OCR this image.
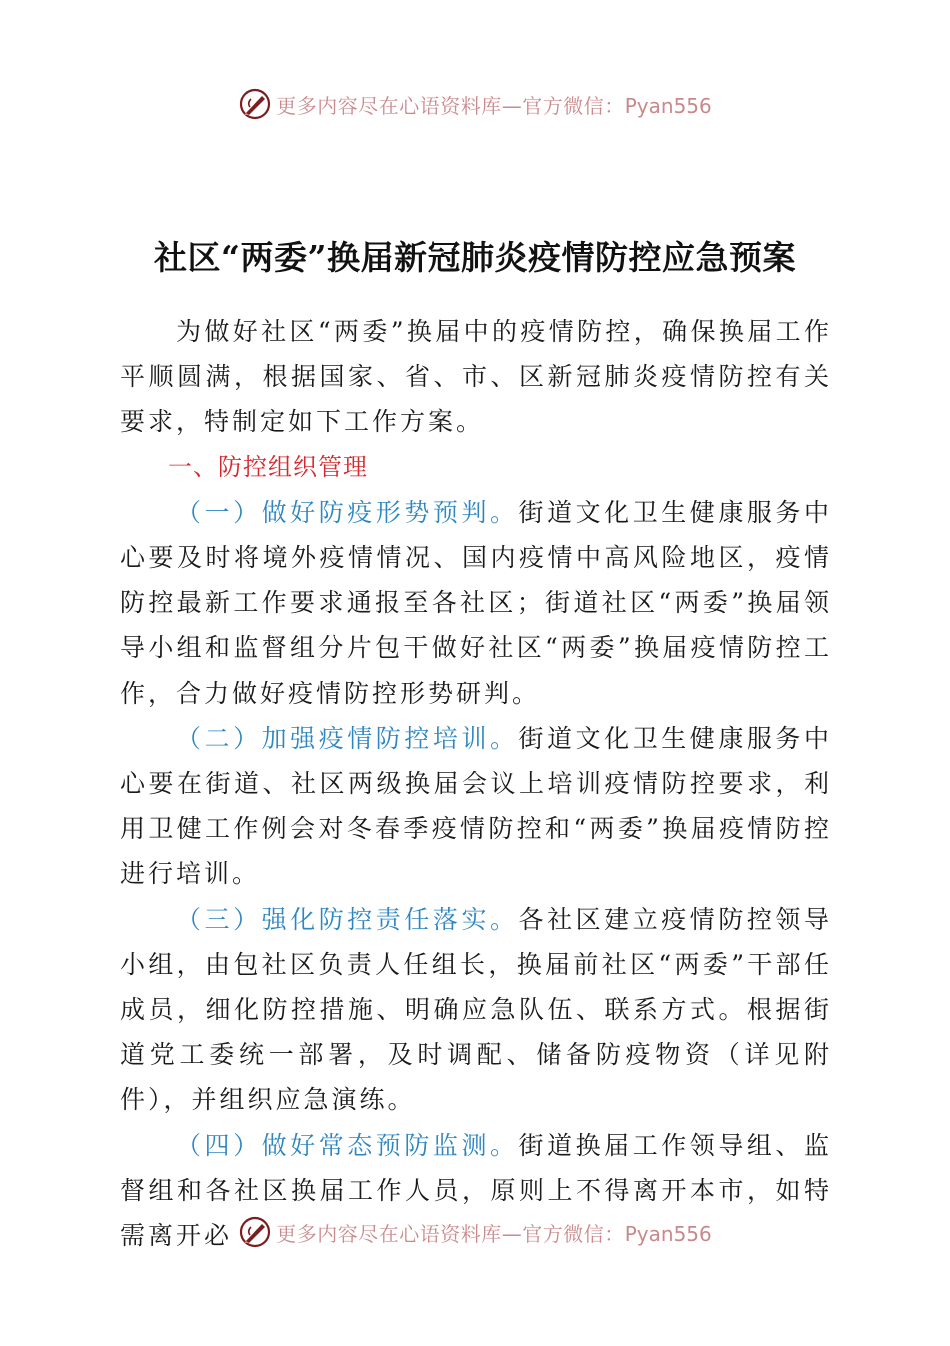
更多内容尽在心语资料库—官方微信：Pyan556
社区“两委”换届新冠肺炎疫情防控应急预案

为做好社区“两委”换届中的疫情防控，确保换届工作平顺圆满，根据国家、省、市、区新冠肺炎疫情防控有关要求，特制定如下工作方案。

一、防控组织管理

（一）做好防疫形势预判。街道文化卫生健康服务中心要及时将境外疫情情况、国内疫情中高风险地区，疫情防控最新工作要求通报至各社区；街道社区“两委”换届领导小组和监督组分片包干做好社区“两委”换届疫情防控工作，合力做好疫情防控形势研判。

（二）加强疫情防控培训。街道文化卫生健康服务中心要在街道、社区两级换届会议上培训疫情防控要求，利用卫健工作例会对冬春季疫情防控和“两委”换届疫情防控进行培训。

（三）强化防控责任落实。各社区建立疫情防控领导小组，由包社区负责人任组长，换届前社区“两委”干部任成员，细化防控措施、明确应急队伍、联系方式。根据街道党工委统一部署，及时调配、储备防疫物资（详见附件），并组织应急演练。

（四）做好常态预防监测。街道换届工作领导组、监督组和各社区换届工作人员，原则上不得离开本市，如特需离开必	更多内容尽在心语资料库—官方微信：Pyan556
